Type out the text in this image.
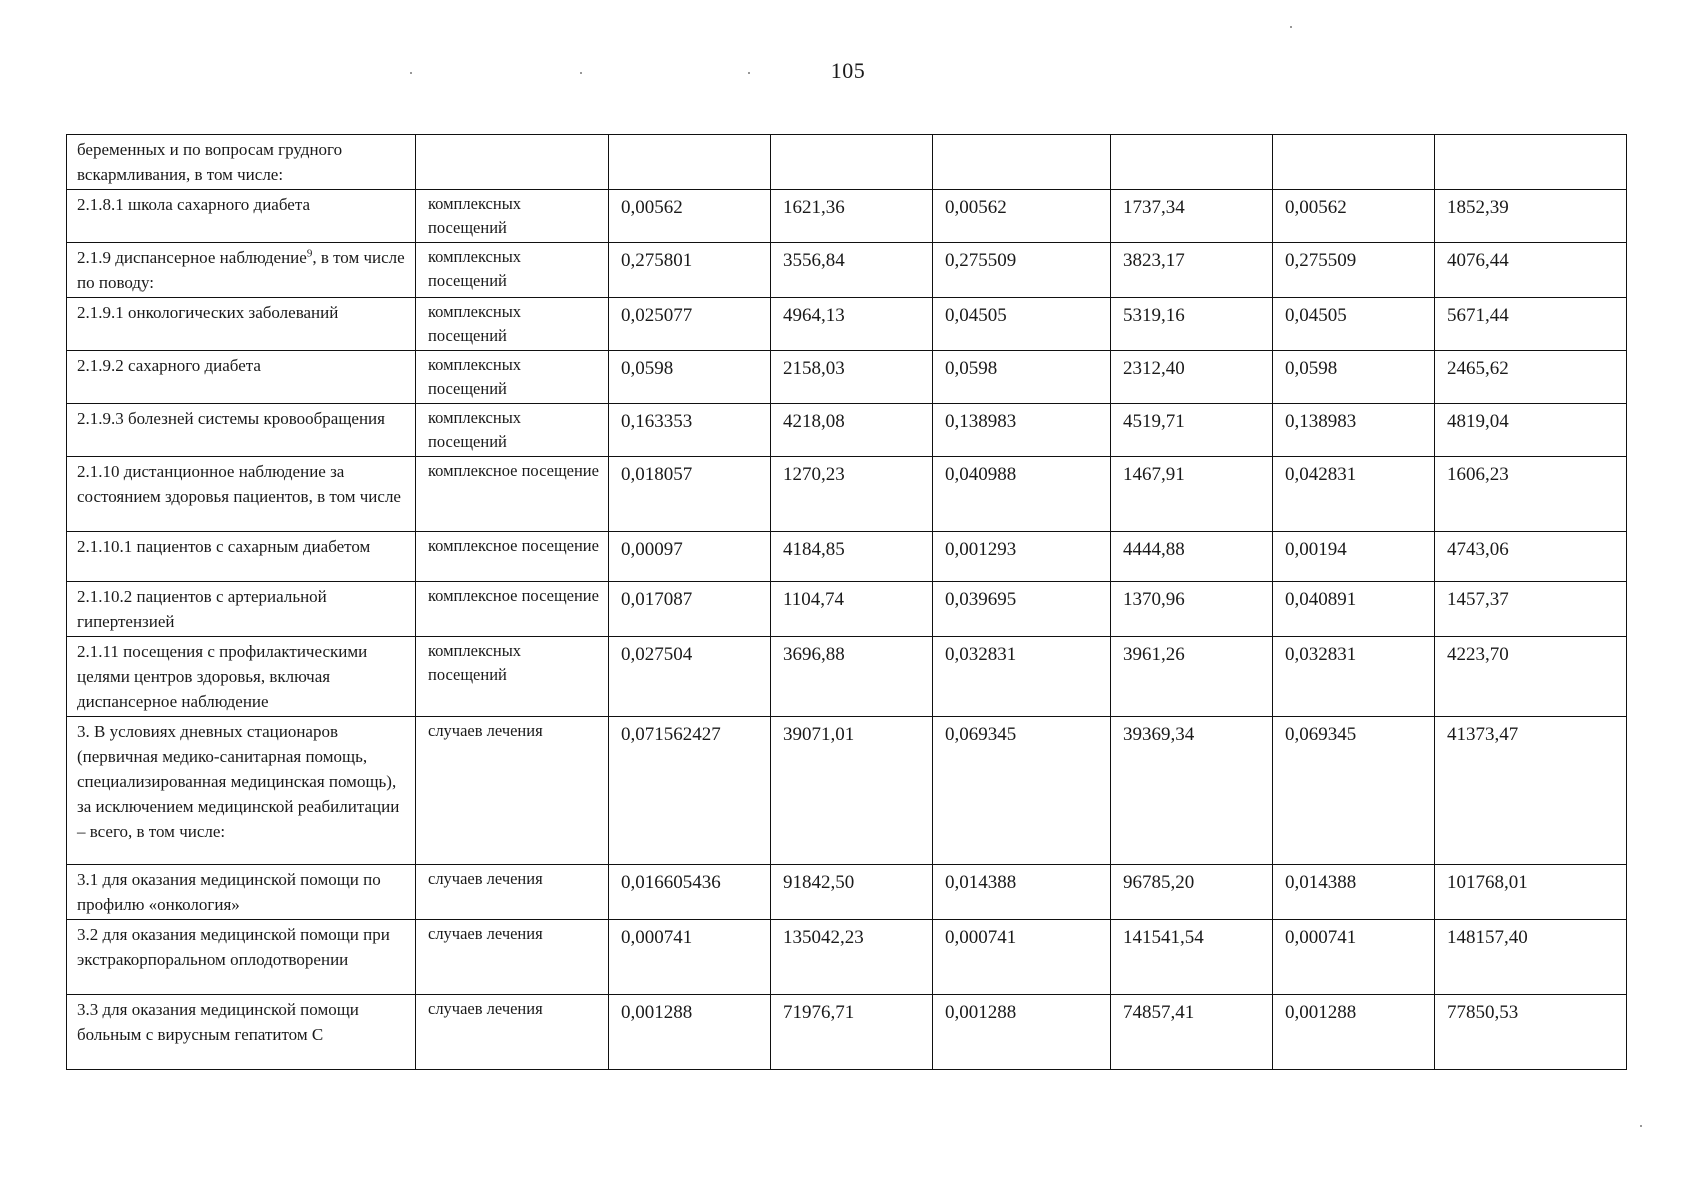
105
беременных и по вопросам грудного вскармливания, в том числе:							
2.1.8.1 школа сахарного диабета	комплексных посещений	0,00562	1621,36	0,00562	1737,34	0,00562	1852,39
2.1.9 диспансерное наблюдение$^9$, в том числе по поводу:	комплексных посещений	0,275801	3556,84	0,275509	3823,17	0,275509	4076,44
2.1.9.1 онкологических заболеваний	комплексных посещений	0,025077	4964,13	0,04505	5319,16	0,04505	5671,44
2.1.9.2 сахарного диабета	комплексных посещений	0,0598	2158,03	0,0598	2312,40	0,0598	2465,62
2.1.9.3 болезней системы кровообращения	комплексных посещений	0,163353	4218,08	0,138983	4519,71	0,138983	4819,04
2.1.10 дистанционное наблюдение за состоянием здоровья пациентов, в том числе	комплексное посещение	0,018057	1270,23	0,040988	1467,91	0,042831	1606,23
2.1.10.1 пациентов с сахарным диабетом	комплексное посещение	0,00097	4184,85	0,001293	4444,88	0,00194	4743,06
2.1.10.2 пациентов с артериальной гипертензией	комплексное посещение	0,017087	1104,74	0,039695	1370,96	0,040891	1457,37
2.1.11 посещения с профилактическими целями центров здоровья, включая диспансерное наблюдение	комплексных посещений	0,027504	3696,88	0,032831	3961,26	0,032831	4223,70
3. В условиях дневных стационаров (первичная медико-санитарная помощь, специализированная медицинская помощь), за исключением медицинской реабилитации – всего, в том числе:	случаев лечения	0,071562427	39071,01	0,069345	39369,34	0,069345	41373,47
3.1 для оказания медицинской помощи по профилю «онкология»	случаев лечения	0,016605436	91842,50	0,014388	96785,20	0,014388	101768,01
3.2 для оказания медицинской помощи при экстракорпоральном оплодотворении	случаев лечения	0,000741	135042,23	0,000741	141541,54	0,000741	148157,40
3.3 для оказания медицинской помощи больным с вирусным гепатитом С	случаев лечения	0,001288	71976,71	0,001288	74857,41	0,001288	77850,53
